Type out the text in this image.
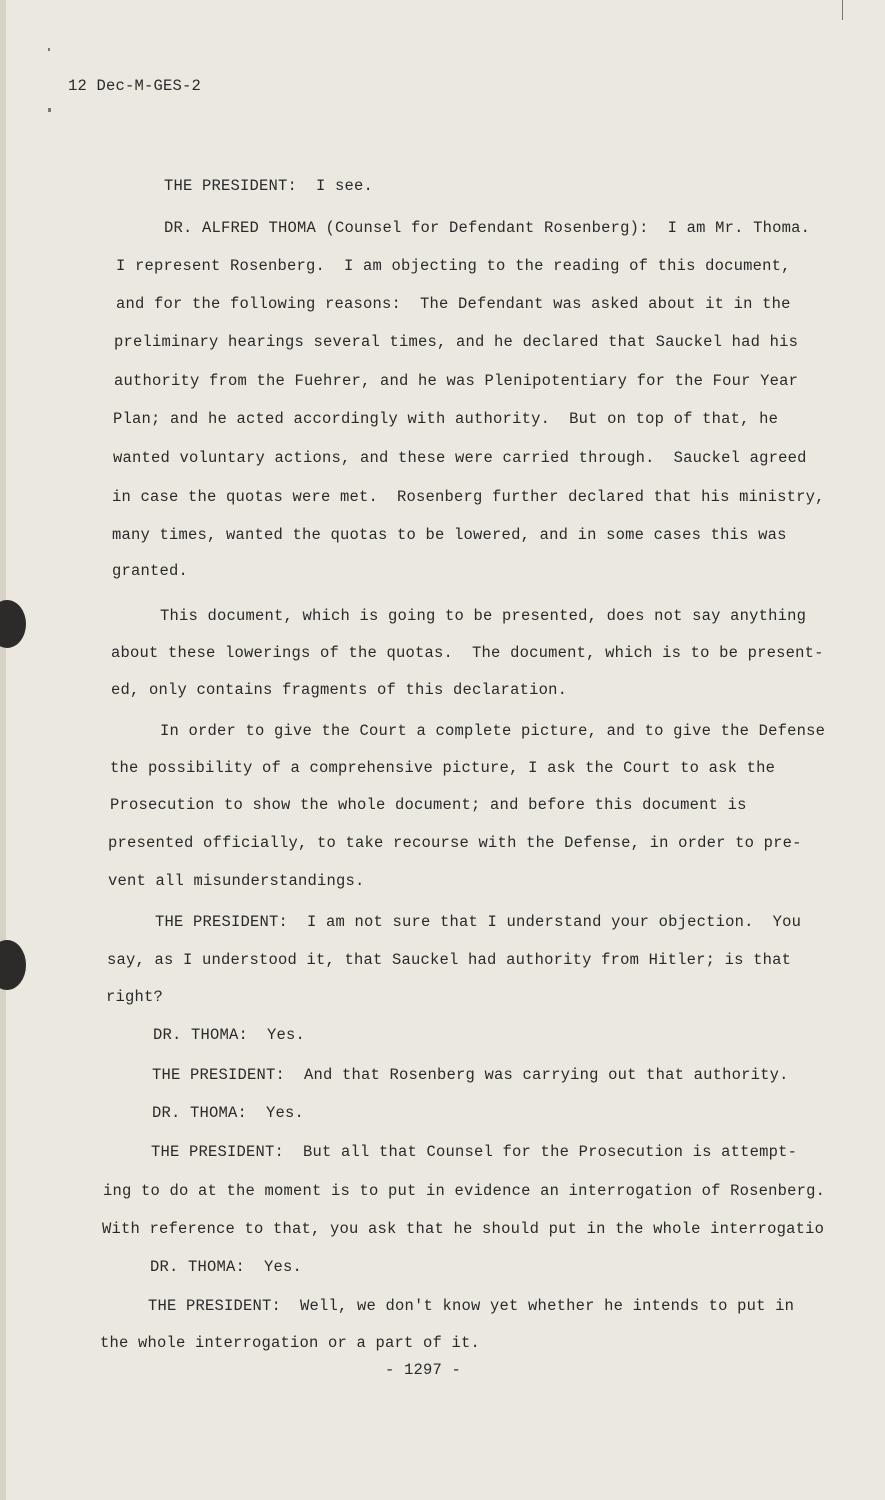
12 Dec-M-GES-2
THE PRESIDENT:  I see.
DR. ALFRED THOMA (Counsel for Defendant Rosenberg):  I am Mr. Thoma.
I represent Rosenberg.  I am objecting to the reading of this document,
and for the following reasons:  The Defendant was asked about it in the
preliminary hearings several times, and he declared that Sauckel had his
authority from the Fuehrer, and he was Plenipotentiary for the Four Year
Plan; and he acted accordingly with authority.  But on top of that, he
wanted voluntary actions, and these were carried through.  Sauckel agreed
in case the quotas were met.  Rosenberg further declared that his ministry,
many times, wanted the quotas to be lowered, and in some cases this was
granted.
This document, which is going to be presented, does not say anything
about these lowerings of the quotas.  The document, which is to be present-
ed, only contains fragments of this declaration.
In order to give the Court a complete picture, and to give the Defense
the possibility of a comprehensive picture, I ask the Court to ask the
Prosecution to show the whole document; and before this document is
presented officially, to take recourse with the Defense, in order to pre-
vent all misunderstandings.
THE PRESIDENT:  I am not sure that I understand your objection.  You
say, as I understood it, that Sauckel had authority from Hitler; is that
right?
DR. THOMA:  Yes.
THE PRESIDENT:  And that Rosenberg was carrying out that authority.
DR. THOMA:  Yes.
THE PRESIDENT:  But all that Counsel for the Prosecution is attempt-
ing to do at the moment is to put in evidence an interrogation of Rosenberg.
With reference to that, you ask that he should put in the whole interrogatio
DR. THOMA:  Yes.
THE PRESIDENT:  Well, we don't know yet whether he intends to put in
the whole interrogation or a part of it.
- 1297 -
